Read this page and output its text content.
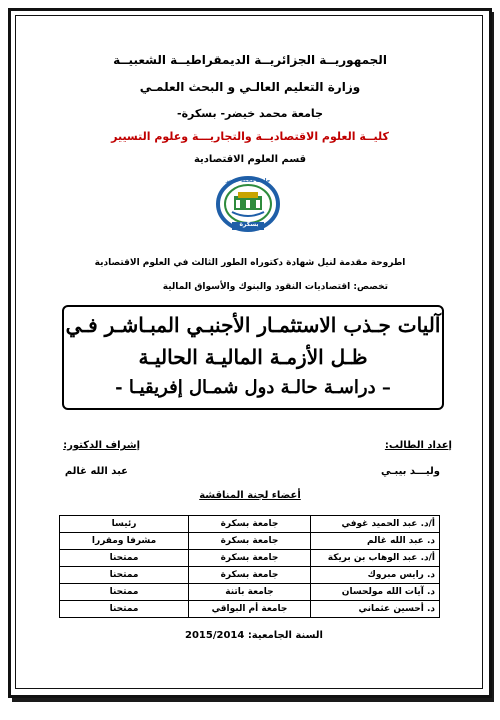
الجمهوريــة الجزائريــة الديمقراطيــة الشعبيــة
وزارة التعليم العالـي و البحث العلمـي
جامعة محمد خيضر- بسكرة-
كليــة العلوم الاقتصاديــة والتجاريـــة وعلوم التسيير
قسم العلوم الاقتصادية
بسكرة
جامعة محمد خيضر
اطروحة مقدمة لنيل شهادة دكتوراه الطور الثالث في العلوم الاقتصادية
تخصص: اقتصاديات النقود والبنوك والأسواق المالية
آليات جـذب الاستثمـار الأجنبـي المبـاشـر فـي
ظـل الأزمـة الماليـة الحاليـة
– دراسـة حالـة دول شمـال إفريقيـا -
إعداد الطالب:
وليـــد بيبـي
إشراف الدكتور:
عبد الله غالم
أعضاء لجنة المناقشة
أ/د. عبد الحميد غوفي	جامعة بسكرة	رئيسا
د. عبد الله غالم	جامعة بسكرة	مشرفا ومقررا
أ/د. عبد الوهاب بن بريكة	جامعة بسكرة	ممتحنا
د. رايس مبروك	جامعة بسكرة	ممتحنا
د. آيات الله مولحسان	جامعة باتنة	ممتحنا
د. أحسين عثماني	جامعة أم البواقي	ممتحنا
السنة الجامعية: 2015/2014
